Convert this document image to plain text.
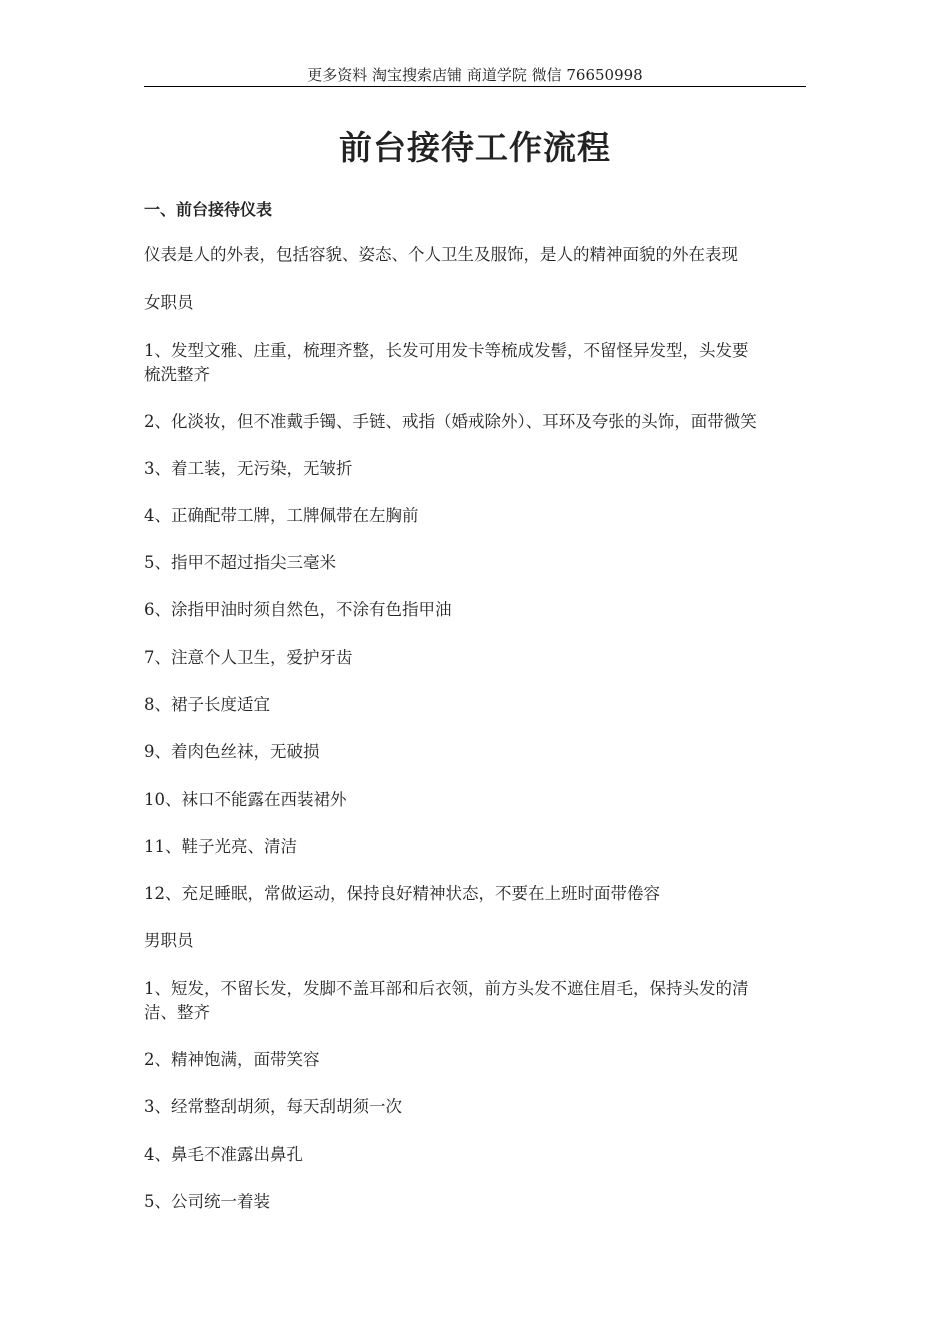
更多资料 淘宝搜索店铺 商道学院 微信 76650998
前台接待工作流程
一、前台接待仪表
仪表是人的外表，包括容貌、姿态、个人卫生及服饰，是人的精神面貌的外在表现
女职员
1、发型文雅、庄重，梳理齐整，长发可用发卡等梳成发髻，不留怪异发型，头发要
梳洗整齐
2、化淡妆，但不准戴手镯、手链、戒指（婚戒除外）、耳环及夸张的头饰，面带微笑
3、着工装，无污染，无皱折
4、正确配带工牌，工牌佩带在左胸前
5、指甲不超过指尖三毫米
6、涂指甲油时须自然色，不涂有色指甲油
7、注意个人卫生，爱护牙齿
8、裙子长度适宜
9、着肉色丝袜，无破损
10、袜口不能露在西装裙外
11、鞋子光亮、清洁
12、充足睡眠，常做运动，保持良好精神状态，不要在上班时面带倦容
男职员
1、短发，不留长发，发脚不盖耳部和后衣领，前方头发不遮住眉毛，保持头发的清
洁、整齐
2、精神饱满，面带笑容
3、经常整刮胡须，每天刮胡须一次
4、鼻毛不准露出鼻孔
5、公司统一着装
